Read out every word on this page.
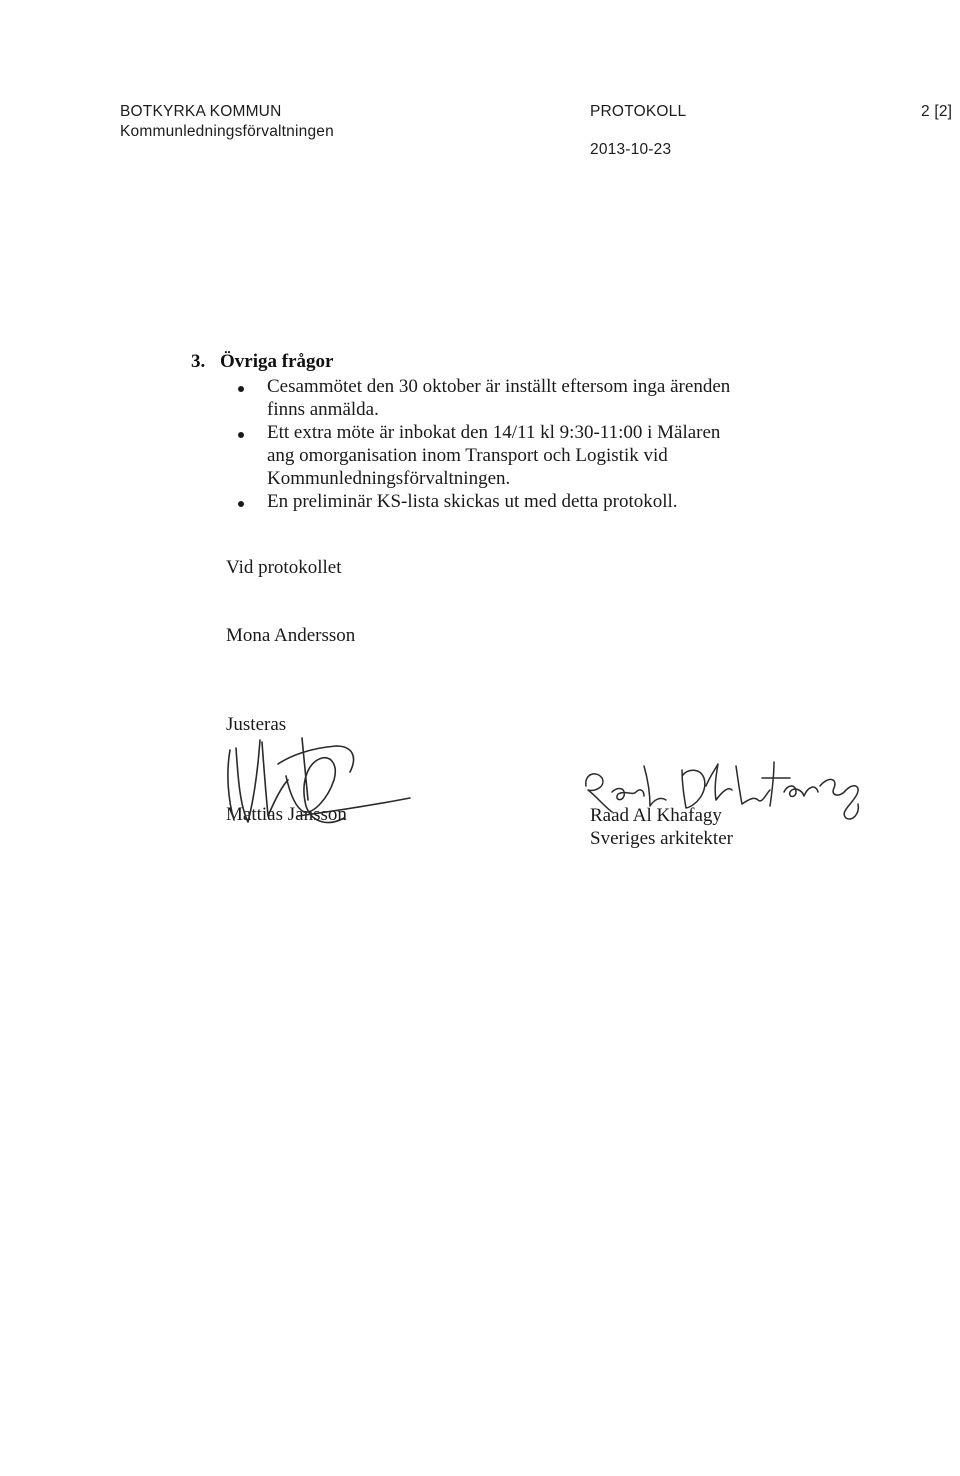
BOTKYRKA KOMMUN

Kommunledningsförvaltningen

PROTOKOLL

2013-10-23

2 [2]

3. Övriga frågor

Cesammötet den 30 oktober är inställt eftersom inga ärenden

finns anmälda.

Ett extra möte är inbokat den 14/11 kl 9:30-11:00 i Mälaren

ang omorganisation inom Transport och Logistik vid

Kommunledningsförvaltningen.

En preliminär KS-lista skickas ut med detta protokoll.

Vid protokollet

Mona Andersson

Justeras

Mattias Jansson	Raad Al Khafagy

Sveriges arkitekter
